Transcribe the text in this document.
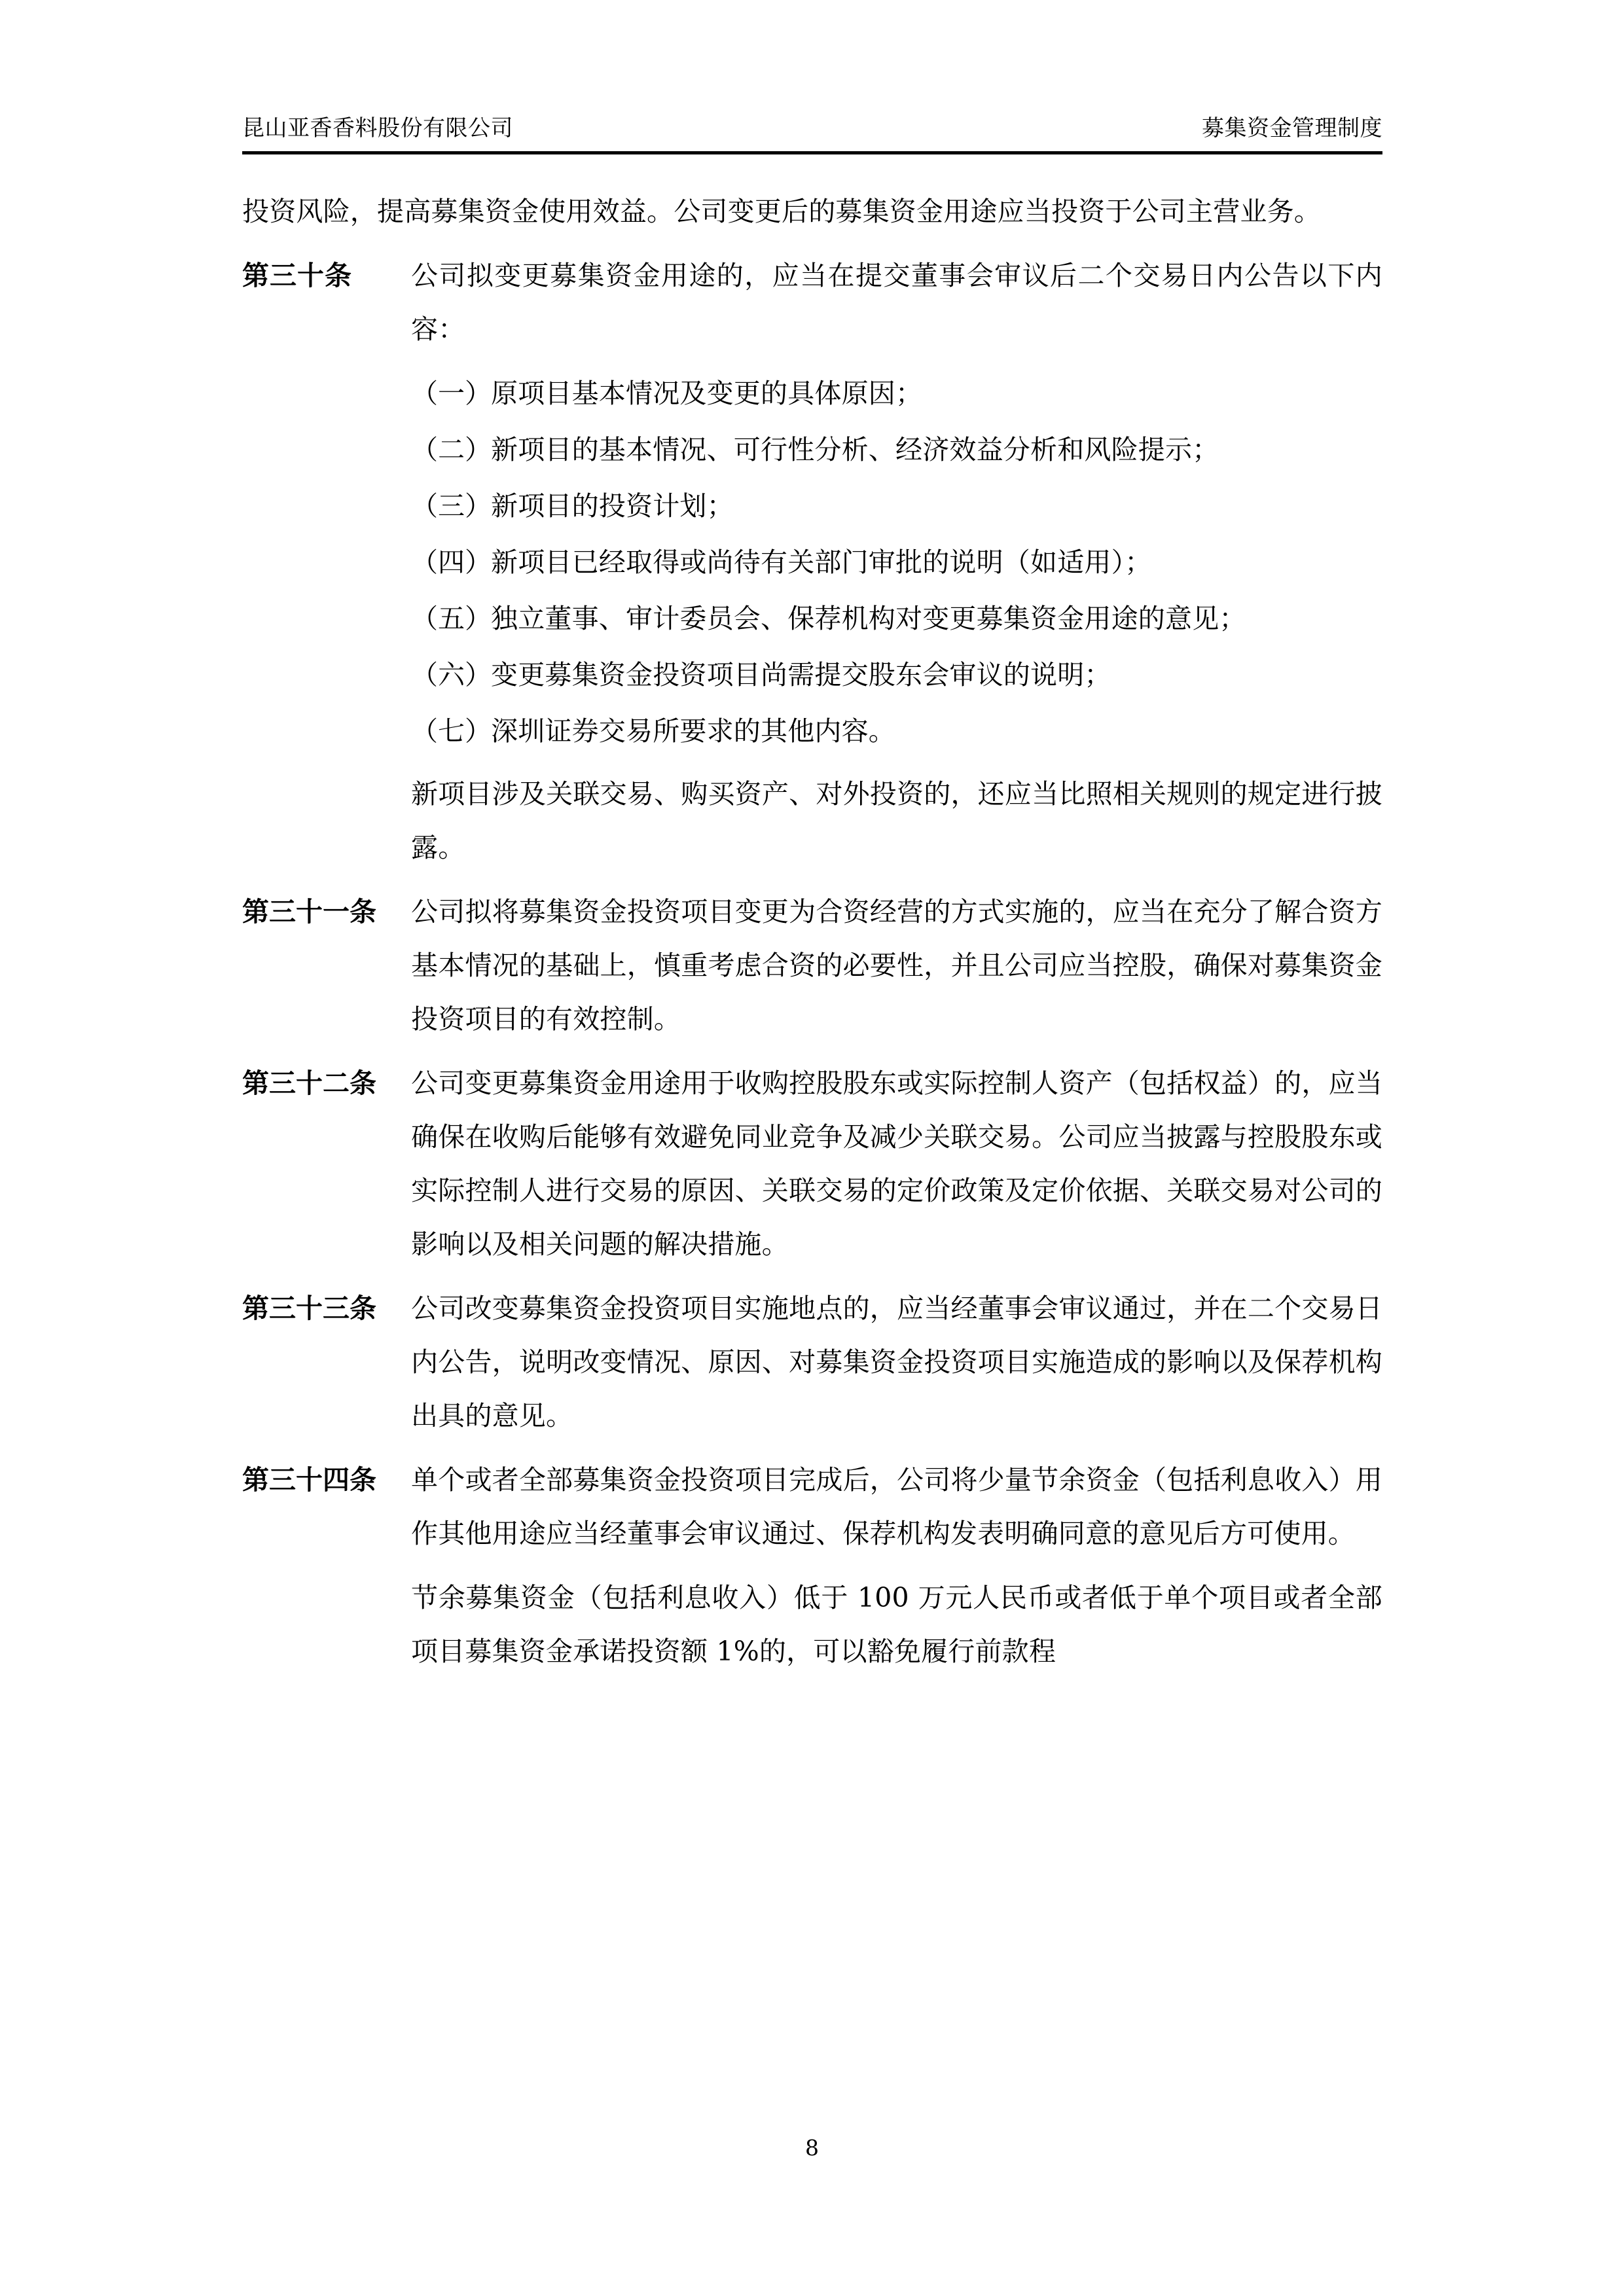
昆山亚香香料股份有限公司	募集资金管理制度
投资风险，提高募集资金使用效益。公司变更后的募集资金用途应当投资于公司主营业务。
第三十条	公司拟变更募集资金用途的，应当在提交董事会审议后二个交易日内公告以下内容：
（一） 原项目基本情况及变更的具体原因；
（二） 新项目的基本情况、可行性分析、经济效益分析和风险提示；
（三） 新项目的投资计划；
（四） 新项目已经取得或尚待有关部门审批的说明（如适用）；
（五） 独立董事、审计委员会、保荐机构对变更募集资金用途的意见；
（六） 变更募集资金投资项目尚需提交股东会审议的说明；
（七） 深圳证券交易所要求的其他内容。
新项目涉及关联交易、购买资产、对外投资的，还应当比照相关规则的规定进行披露。
第三十一条	公司拟将募集资金投资项目变更为合资经营的方式实施的，应当在充分了解合资方基本情况的基础上，慎重考虑合资的必要性，并且公司应当控股，确保对募集资金投资项目的有效控制。
第三十二条	公司变更募集资金用途用于收购控股股东或实际控制人资产（包括权益）的，应当确保在收购后能够有效避免同业竞争及减少关联交易。公司应当披露与控股股东或实际控制人进行交易的原因、关联交易的定价政策及定价依据、关联交易对公司的影响以及相关问题的解决措施。
第三十三条	公司改变募集资金投资项目实施地点的，应当经董事会审议通过，并在二个交易日内公告，说明改变情况、原因、对募集资金投资项目实施造成的影响以及保荐机构出具的意见。
第三十四条	单个或者全部募集资金投资项目完成后，公司将少量节余资金（包括利息收入）用作其他用途应当经董事会审议通过、保荐机构发表明确同意的意见后方可使用。
节余募集资金（包括利息收入）低于 100 万元人民币或者低于单个项目或者全部项目募集资金承诺投资额 1%的，可以豁免履行前款程
8
